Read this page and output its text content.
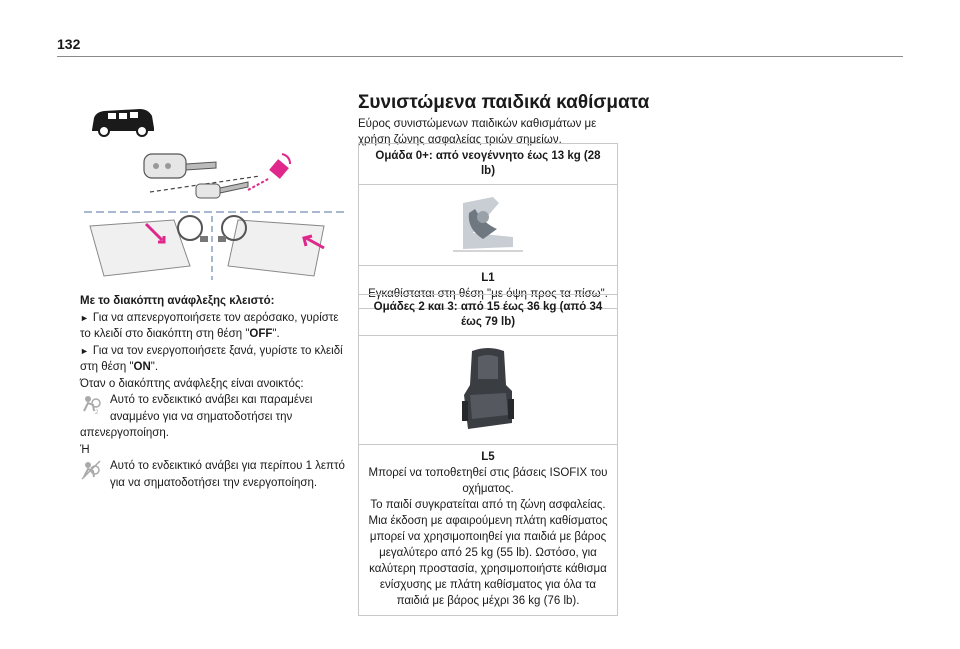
132

Με το διακόπτη ανάφλεξης κλειστό:

► Για να απενεργοποιήσετε τον αερόσακο, γυρίστε το κλειδί στο διακόπτη στη θέση "OFF".

► Για να τον ενεργοποιήσετε ξανά, γυρίστε το κλειδί στη θέση "ON".

Όταν ο διακόπτης ανάφλεξης είναι ανοικτός:

2
Αυτό το ενδεικτικό ανάβει και παραμένει αναμμένο για να σηματοδοτήσει την

απενεργοποίηση.

Ή

Αυτό το ενδεικτικό ανάβει για περίπου 1 λεπτό για να σηματοδοτήσει την ενεργοποίηση.
Συνιστώμενα παιδικά καθίσματα
Εύρος συνιστώμενων παιδικών καθισμάτων με χρήση ζώνης ασφαλείας τριών σημείων.
Ομάδα 0+: από νεογέννητο έως 13 kg (28 lb)
L1
Εγκαθίσταται στη θέση "με όψη προς τα πίσω".
Ομάδες 2 και 3: από 15 έως 36 kg (από 34 έως 79 lb)
L5
Μπορεί να τοποθετηθεί στις βάσεις ISOFIX του οχήματος.
Το παιδί συγκρατείται από τη ζώνη ασφαλείας.
Μια έκδοση με αφαιρούμενη πλάτη καθίσματος μπορεί να χρησιμοποιηθεί για παιδιά με βάρος μεγαλύτερο από 25 kg (55 lb). Ωστόσο, για καλύτερη προστασία, χρησιμοποιήστε κάθισμα ενίσχυσης με πλάτη καθίσματος για όλα τα παιδιά με βάρος μέχρι 36 kg (76 lb).
